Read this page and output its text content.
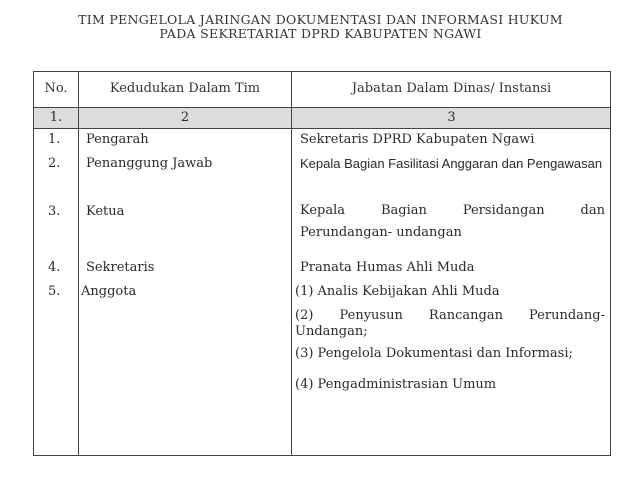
TIM PENGELOLA JARINGAN DOKUMENTASI DAN INFORMASI HUKUM
PADA SEKRETARIAT DPRD KABUPATEN NGAWI
No.	Kedudukan Dalam Tim	Jabatan Dalam Dinas/ Instansi
1.	2	3
1. Pengarah	Sekretaris DPRD Kabupaten Ngawi
2. Penanggung Jawab	Kepala Bagian Fasilitasi Anggaran dan Pengawasan
3. Ketua	Kepala Bagian Persidangan dan Perundangan- undangan
4. Sekretaris	Pranata Humas Ahli Muda
5. Anggota	(1) Analis Kebijakan Ahli Muda
(2) Penyusun Rancangan Perundang- Undangan;
(3) Pengelola Dokumentasi dan Informasi;
(4) Pengadministrasian Umum
